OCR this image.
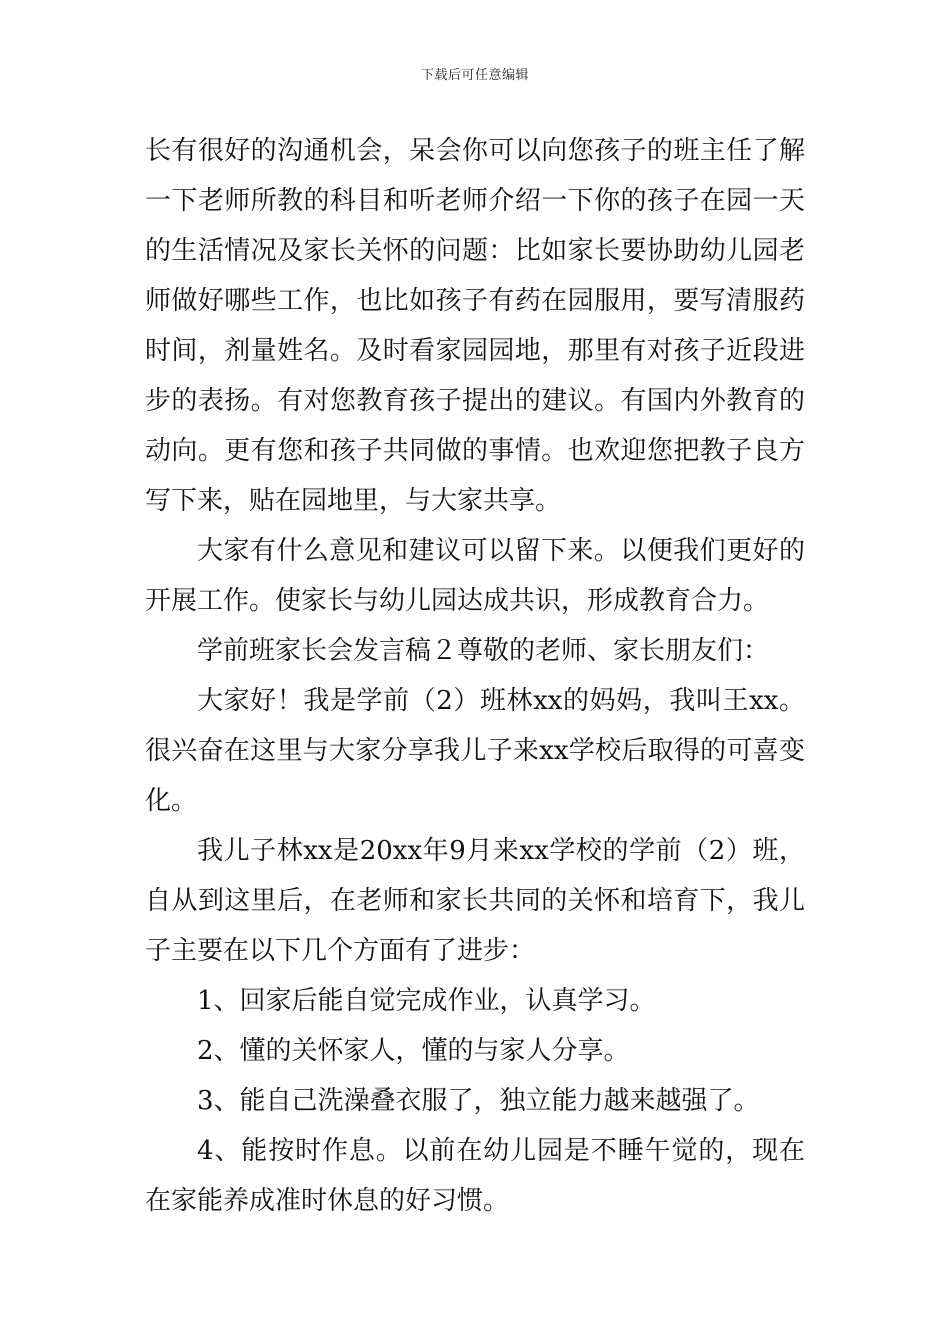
下载后可任意编辑

长有很好的沟通机会，呆会你可以向您孩子的班主任了解一下老师所教的科目和听老师介绍一下你的孩子在园一天的生活情况及家长关怀的问题：比如家长要协助幼儿园老师做好哪些工作，也比如孩子有药在园服用，要写清服药时间，剂量姓名。及时看家园园地，那里有对孩子近段进步的表扬。有对您教育孩子提出的建议。有国内外教育的动向。更有您和孩子共同做的事情。也欢迎您把教子良方写下来，贴在园地里，与大家共享。

大家有什么意见和建议可以留下来。以便我们更好的开展工作。使家长与幼儿园达成共识，形成教育合力。

学前班家长会发言稿２尊敬的老师、家长朋友们：

大家好！我是学前（2）班林xx的妈妈，我叫王xx。很兴奋在这里与大家分享我儿子来xx学校后取得的可喜变化。

我儿子林xx是20xx年9月来xx学校的学前（2）班，自从到这里后，在老师和家长共同的关怀和培育下，我儿子主要在以下几个方面有了进步：

1、回家后能自觉完成作业，认真学习。

2、懂的关怀家人，懂的与家人分享。

3、能自己洗澡叠衣服了，独立能力越来越强了。

4、能按时作息。以前在幼儿园是不睡午觉的，现在在家能养成准时休息的好习惯。
